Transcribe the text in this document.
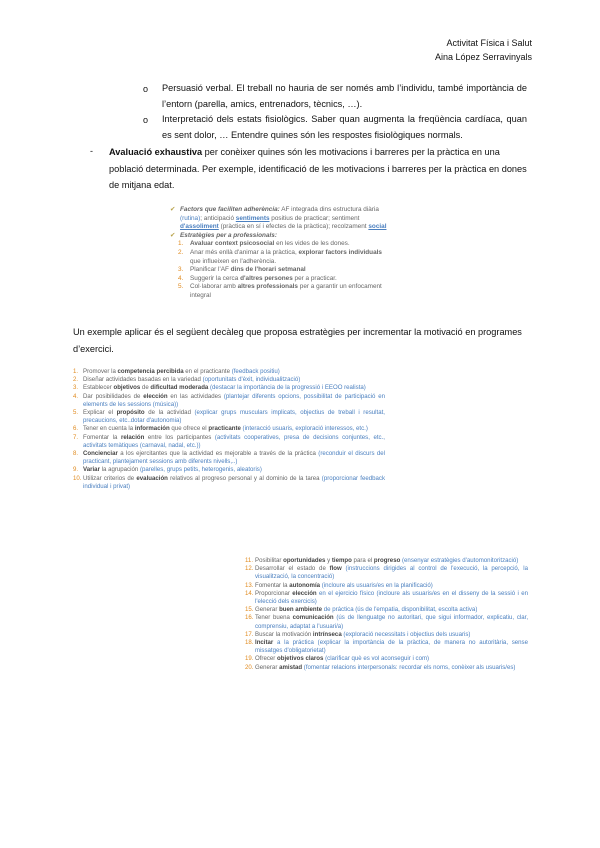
Activitat Física i Salut
Aina López Serravinyals
o Persuasió verbal. El treball no hauria de ser només amb l’individu, també importància de l’entorn (parella, amics, entrenadors, tècnics, …).
o Interpretació dels estats fisiològics. Saber quan augmenta la freqüència cardíaca, quan es sent dolor, … Entendre quines són les respostes fisiològiques normals.
- Avaluació exhaustiva per conèixer quines són les motivacions i barreres per la pràctica en una població determinada. Per exemple, identificació de les motivacions i barreres per la pràctica en dones de mitjana edat.
✔ Factors que faciliten adherència: AF integrada dins estructura diària
(rutina); anticipació sentiments positius de practicar; sentiment
d'assoliment (pràctica en sí i efectes de la pràctica); recolzament social
✔ Estratègies per a professionals:
1.	Avaluar context psicosocial en les vides de les dones.
2.	Anar més enllà d'animar a la pràctica, explorar factors individuals
que influeixen en l'adherència.
3.	Planificar l'AF dins de l'horari setmanal
4.	Suggerir la cerca d'altres persones per a practicar.
5.	Col·laborar amb altres professionals per a garantir un enfocament
integral
Un exemple aplicar és el següent decàleg que proposa estratègies per incrementar la motivació en programes d’exercici.
1. Promover la competencia percibida en el practicante (feedback positiu)
2. Diseñar actividades basadas en la variedad (oportunitats d'èxit, individualització)
3. Establecer objetivos de dificultad moderada (destacar la importància de la progressió i EEOO realista)
4. Dar posibilidades de elección en las actividades (plantejar diferents opcions, possibilitat de participació en elements de les sessions (música))
5. Explicar el propósito de la actividad (explicar grups musculars implicats, objectius de treball i resultat, precaucions, etc..dotar d'autonomia)
6. Tener en cuenta la información que ofrece el practicante (interacció usuaris, exploració interessos, etc.)
7. Fomentar la relación entre los participantes (activitats cooperatives, presa de decisions conjuntes, etc., activitats temàtiques (carnaval, nadal, etc.))
8. Concienciar a los ejercitantes que la actividad es mejorable a través de la práctica (reconduir el discurs del practicant, plantejament sessions amb diferents nivells,..)
9. Variar la agrupación (parelles, grups petits, heterogenis, aleatoris)
10. Utilizar criterios de evaluación relativos al progreso personal y al dominio de la tarea (proporcionar feedback individual i privat)
11. Posibilitar oportunidades y tiempo para el progreso (ensenyar estratègies d'automonitorització)
12. Desarrollar el estado de flow (instruccions dirigides al control de l'execució, la percepció, la visualització, la concentració)
13. Fomentar la autonomía (incloure als usuaris/es en la planificació)
14. Proporcionar elección en el ejercicio físico (incloure als usuaris/es en el disseny de la sessió i en l'elecció dels exercicis)
15. Generar buen ambiente de práctica (ús de l'empatia, disponibilitat, escolta activa)
16. Tener buena comunicación (ús de llenguatge no autoritari, que sigui informador, explicatiu, clar, comprensiu, adaptat a l'usuari/a)
17. Buscar la motivación intrínseca (exploració necessitats i objectius dels usuaris)
18. Incitar a la práctica (explicar la importància de la pràctica, de manera no autoritària, sense missatges d'obligatorietat)
19. Ofrecer objetivos claros (clarificar què es vol aconseguir i com)
20. Generar amistad (fomentar relacions interpersonals: recordar els noms, conèixer als usuaris/es)
